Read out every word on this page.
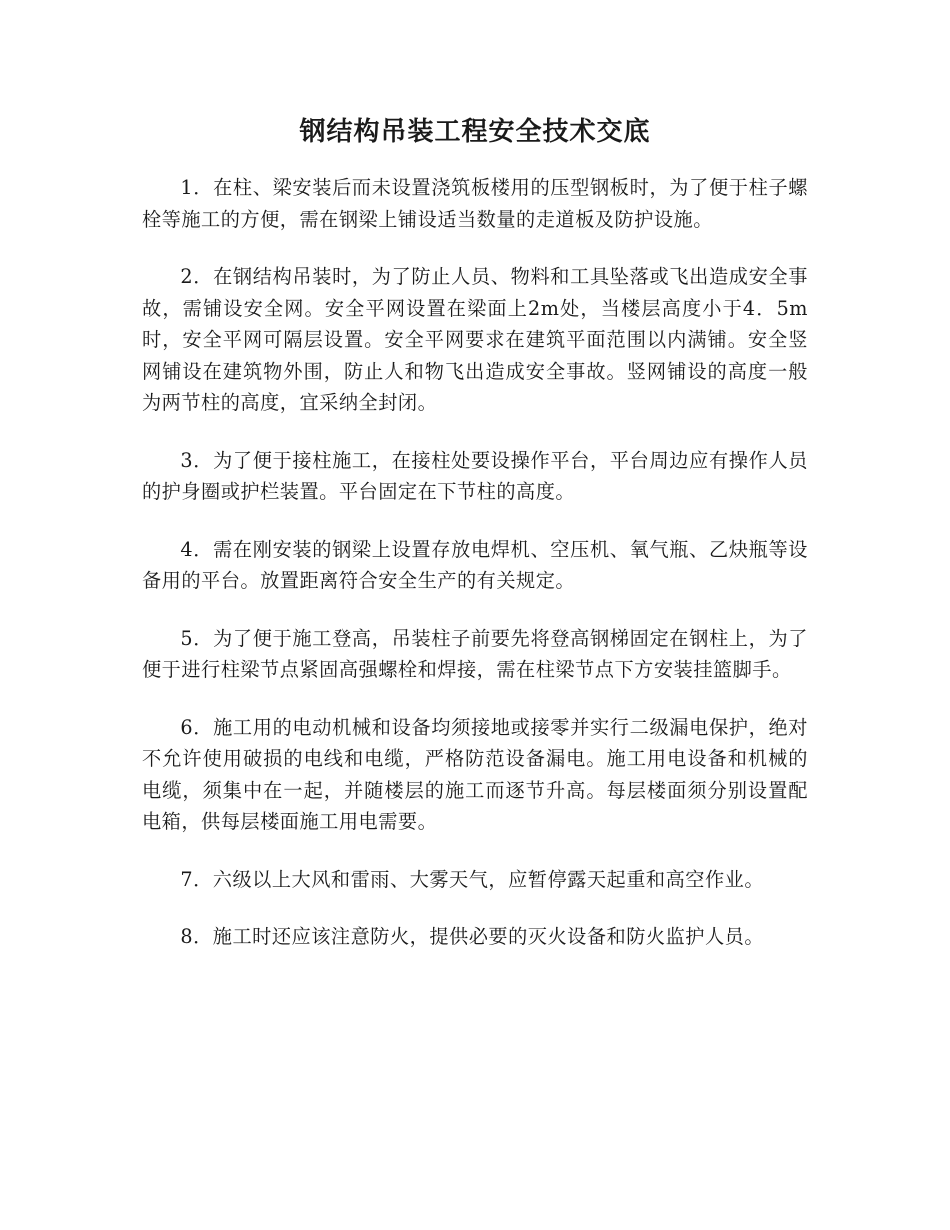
钢结构吊装工程安全技术交底

1．在柱、梁安装后而未设置浇筑板楼用的压型钢板时，为了便于柱子螺栓等施工的方便，需在钢梁上铺设适当数量的走道板及防护设施。

2．在钢结构吊装时，为了防止人员、物料和工具坠落或飞出造成安全事故，需铺设安全网。安全平网设置在梁面上2m处，当楼层高度小于4．5m时，安全平网可隔层设置。安全平网要求在建筑平面范围以内满铺。安全竖网铺设在建筑物外围，防止人和物飞出造成安全事故。竖网铺设的高度一般为两节柱的高度，宜采纳全封闭。

3．为了便于接柱施工，在接柱处要设操作平台，平台周边应有操作人员的护身圈或护栏装置。平台固定在下节柱的高度。

4．需在刚安装的钢梁上设置存放电焊机、空压机、氧气瓶、乙炔瓶等设备用的平台。放置距离符合安全生产的有关规定。

5．为了便于施工登高，吊装柱子前要先将登高钢梯固定在钢柱上，为了便于进行柱梁节点紧固高强螺栓和焊接，需在柱梁节点下方安装挂篮脚手。

6．施工用的电动机械和设备均须接地或接零并实行二级漏电保护，绝对不允许使用破损的电线和电缆，严格防范设备漏电。施工用电设备和机械的电缆，须集中在一起，并随楼层的施工而逐节升高。每层楼面须分别设置配电箱，供每层楼面施工用电需要。

7．六级以上大风和雷雨、大雾天气，应暂停露天起重和高空作业。

8．施工时还应该注意防火，提供必要的灭火设备和防火监护人员。
